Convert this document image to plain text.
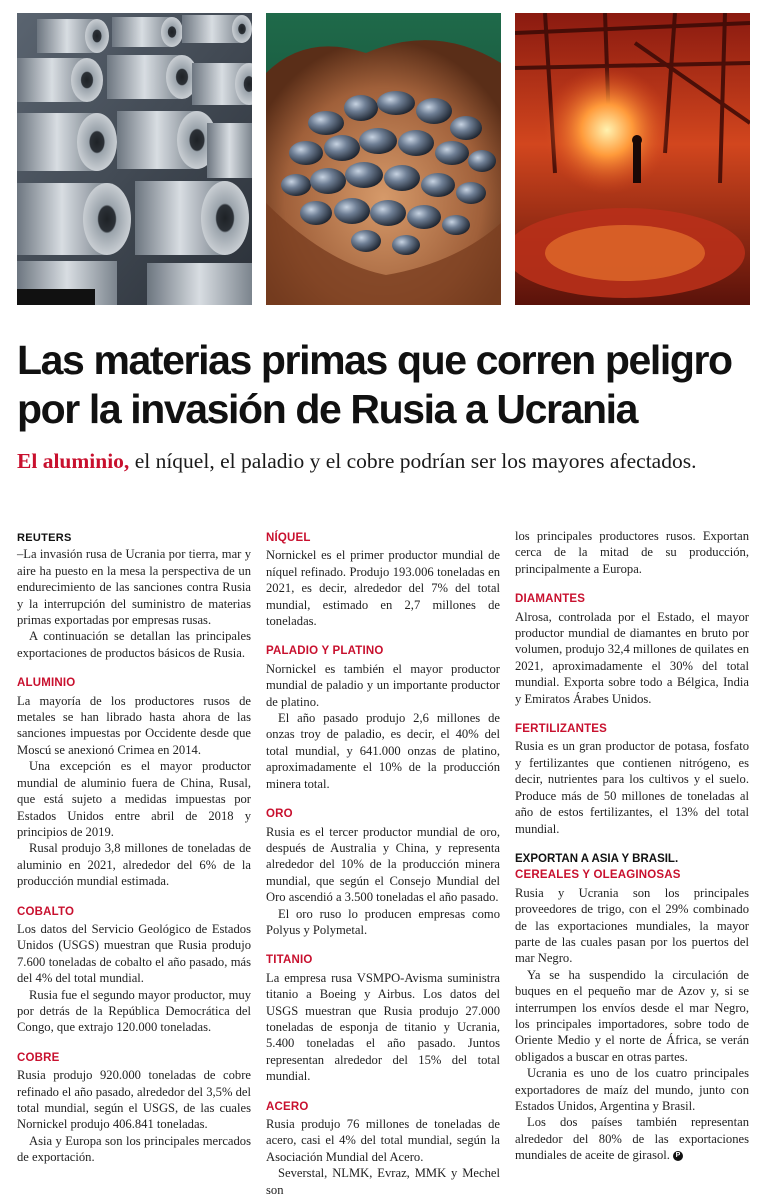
Las materias primas que corren peligro
por la invasión de Rusia a Ucrania
El aluminio, el níquel, el paladio y el cobre podrían ser los mayores afectados.
REUTERS

–La invasión rusa de Ucrania por tierra, mar y aire ha puesto en la mesa la perspectiva de un endurecimiento de las sanciones contra Rusia y la interrupción del suministro de materias primas exportadas por empresas rusas.

A continuación se detallan las principales exportaciones de productos básicos de Rusia.

ALUMINIO

La mayoría de los productores rusos de metales se han librado hasta ahora de las sanciones impuestas por Occidente desde que Moscú se anexionó Crimea en 2014.

Una excepción es el mayor productor mundial de aluminio fuera de China, Rusal, que está sujeto a medidas impuestas por Estados Unidos entre abril de 2018 y principios de 2019.

Rusal produjo 3,8 millones de toneladas de aluminio en 2021, alrededor del 6% de la producción mundial estimada.

COBALTO

Los datos del Servicio Geológico de Estados Unidos (USGS) muestran que Rusia produjo 7.600 toneladas de cobalto el año pasado, más del 4% del total mundial.

Rusia fue el segundo mayor productor, muy por detrás de la República Democrática del Congo, que extrajo 120.000 toneladas.

COBRE

Rusia produjo 920.000 toneladas de cobre refinado el año pasado, alrededor del 3,5% del total mundial, según el USGS, de las cuales Nornickel produjo 406.841 toneladas.

Asia y Europa son los principales mercados de exportación.

NÍQUEL

Nornickel es el primer productor mundial de níquel refinado. Produjo 193.006 toneladas en 2021, es decir, alrededor del 7% del total mundial, estimado en 2,7 millones de toneladas.

PALADIO Y PLATINO

Nornickel es también el mayor productor mundial de paladio y un importante productor de platino.

El año pasado produjo 2,6 millones de onzas troy de paladio, es decir, el 40% del total mundial, y 641.000 onzas de platino, aproximadamente el 10% de la producción minera total.

ORO

Rusia es el tercer productor mundial de oro, después de Australia y China, y representa alrededor del 10% de la producción minera mundial, que según el Consejo Mundial del Oro ascendió a 3.500 toneladas el año pasado.

El oro ruso lo producen empresas como Polyus y Polymetal.

TITANIO

La empresa rusa VSMPO-Avisma suministra titanio a Boeing y Airbus. Los datos del USGS muestran que Rusia produjo 27.000 toneladas de esponja de titanio y Ucrania, 5.400 toneladas el año pasado. Juntos representan alrededor del 15% del total mundial.

ACERO

Rusia produjo 76 millones de toneladas de acero, casi el 4% del total mundial, según la Asociación Mundial del Acero.

Severstal, NLMK, Evraz, MMK y Mechel son

los principales productores rusos. Exportan cerca de la mitad de su producción, principalmente a Europa.

DIAMANTES

Alrosa, controlada por el Estado, el mayor productor mundial de diamantes en bruto por volumen, produjo 32,4 millones de quilates en 2021, aproximadamente el 30% del total mundial. Exporta sobre todo a Bélgica, India y Emiratos Árabes Unidos.

FERTILIZANTES

Rusia es un gran productor de potasa, fosfato y fertilizantes que contienen nitrógeno, es decir, nutrientes para los cultivos y el suelo. Produce más de 50 millones de toneladas al año de estos fertilizantes, el 13% del total mundial.

EXPORTAN A ASIA Y BRASIL.
CEREALES Y OLEAGINOSAS

Rusia y Ucrania son los principales proveedores de trigo, con el 29% combinado de las exportaciones mundiales, la mayor parte de las cuales pasan por los puertos del mar Negro.

Ya se ha suspendido la circulación de buques en el pequeño mar de Azov y, si se interrumpen los envíos desde el mar Negro, los principales importadores, sobre todo de Oriente Medio y el norte de África, se verán obligados a buscar en otras partes.

Ucrania es uno de los cuatro principales exportadores de maíz del mundo, junto con Estados Unidos, Argentina y Brasil.

Los dos países también representan alrededor del 80% de las exportaciones mundiales de aceite de girasol. P
